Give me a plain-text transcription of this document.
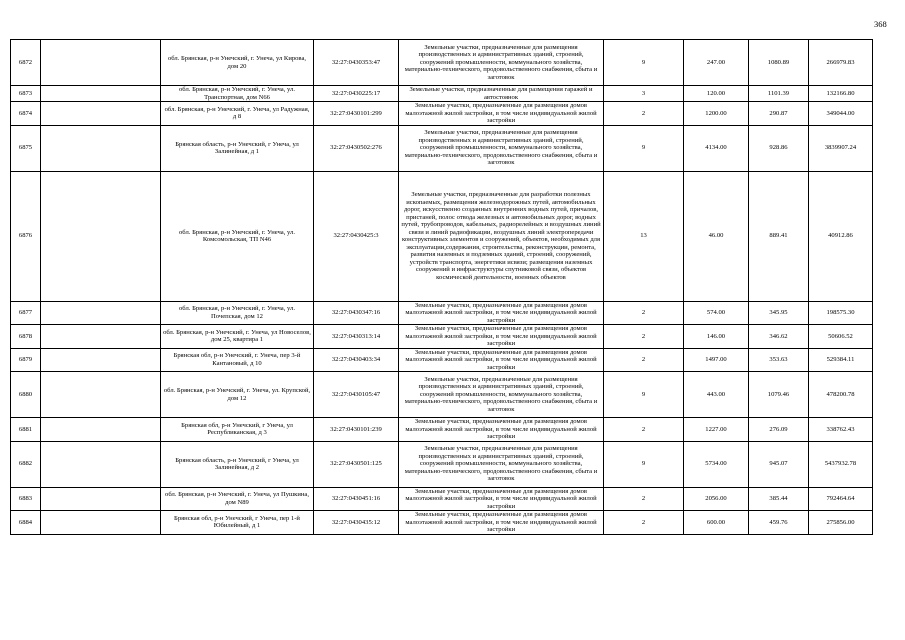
368
6872		обл. Брянская, р-н Унечский, г. Унеча, ул Кирова, дом 20	32:27:0430353:47	Земельные участки, предназначенные для размещения производственных и административных зданий, строений, сооружений промышленности, коммунального хозяйства, материально-технического, продовольственного снабжения, сбыта и заготовок	9	247.00	1080.89	266979.83
6873		обл. Брянская, р-н Унечский, г. Унеча, ул. Транспортная, дом N66	32:27:0430225:17	Земельные участки, предназначенные для размещения гаражей и автостоянок	3	120.00	1101.39	132166.80
6874		обл. Брянская, р-н Унечский, г. Унеча, ул Радужная, д 8	32:27:0430101:299	Земельные участки, предназначенные для размещения домов малоэтажной жилой застройки, в том числе индивидуальной жилой застройки	2	1200.00	290.87	349044.00
6875		Брянская область, р-н Унечский, г Унеча, ул Залинейная, д 1	32:27:0430502:276	Земельные участки, предназначенные для размещения производственных и административных зданий, строений, сооружений промышленности, коммунального хозяйства, материально-технического, продовольственного снабжения, сбыта и заготовок	9	4134.00	928.86	3839907.24
6876		обл. Брянская, р-н Унечский, г. Унеча, ул. Комсомольская, ТП N46	32:27:0430425:3	Земельные участки, предназначенные для разработки полезных ископаемых, размещения железнодорожных путей, автомобильных дорог, искусственно созданных внутренних водных путей, причалов, пристаней, полос отвода железных и автомобильных дорог, водных путей, трубопроводов, кабельных, радиорелейных и воздушных линий связи и линий радиофикации, воздушных линий электропередачи конструктивных элементов и сооружений, объектов, необходимых для эксплуатации,содержания, строительства, реконструкции, ремонта, развития наземных и подземных зданий, строений, сооружений, устройств транспорта, энергетики исвязи; размещения наземных сооружений и инфраструктуры спутниковой связи, объектов космической деятельности, военных объектов	13	46.00	889.41	40912.86
6877		обл. Брянская, р-н Унечский, г. Унеча, ул. Почепская, дом 12	32:27:0430347:16	Земельные участки, предназначенные для размещения домов малоэтажной жилой застройки, в том числе индивидуальной жилой застройки	2	574.00	345.95	198575.30
6878		обл. Брянская, р-н Унечский, г. Унеча, ул Новоселов, дом 25, квартира 1	32:27:0430313:14	Земельные участки, предназначенные для размещения домов малоэтажной жилой застройки, в том числе индивидуальной жилой застройки	2	146.00	346.62	50606.52
6879		Брянская обл, р-н Унечский, г. Унеча, пер 3-й Кантановый, д 10	32:27:0430403:34	Земельные участки, предназначенные для размещения домов малоэтажной жилой застройки, в том числе индивидуальной жилой застройки	2	1497.00	353.63	529384.11
6880		обл. Брянская, р-н Унечский, г. Унеча, ул. Крупской, дом 12	32:27:0430105:47	Земельные участки, предназначенные для размещения производственных и административных зданий, строений, сооружений промышленности, коммунального хозяйства, материально-технического, продовольственного снабжения, сбыта и заготовок	9	443.00	1079.46	478200.78
6881		Брянская обл, р-н Унечский, г Унеча, ул Республиканская, д 3	32:27:0430101:239	Земельные участки, предназначенные для размещения домов малоэтажной жилой застройки, в том числе индивидуальной жилой застройки	2	1227.00	276.09	338762.43
6882		Брянская область, р-н Унечский, г Унеча, ул Залинейная, д 2	32:27:0430501:125	Земельные участки, предназначенные для размещения производственных и административных зданий, строений, сооружений промышленности, коммунального хозяйства, материально-технического, продовольственного снабжения, сбыта и заготовок	9	5734.00	945.07	5437932.78
6883		обл. Брянская, р-н Унечский, г. Унеча, ул Пушкина, дом N89	32:27:0430451:16	Земельные участки, предназначенные для размещения домов малоэтажной жилой застройки, в том числе индивидуальной жилой застройки	2	2056.00	385.44	792464.64
6884		Брянская обл, р-н Унечский, г Унеча, пер 1-й Юбилейный, д 1	32:27:0430435:12	Земельные участки, предназначенные для размещения домов малоэтажной жилой застройки, в том числе индивидуальной жилой застройки	2	600.00	459.76	275856.00
